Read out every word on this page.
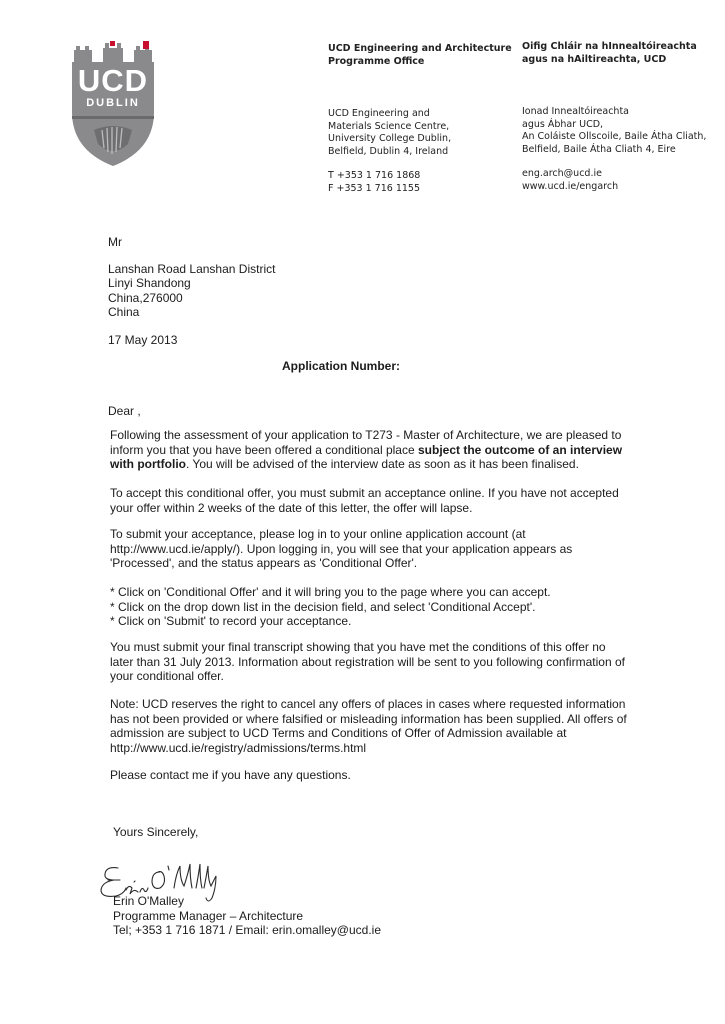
UCD
DUBLIN
UCD Engineering and Architecture
Programme Office
Oifig Chláir na hInnealtóireachta
agus na hAiltireachta, UCD
UCD Engineering and
Materials Science Centre,
University College Dublin,
Belfield, Dublin 4, Ireland
Ionad Innealtóireachta
agus Ábhar UCD,
An Coláiste Ollscoile, Baile Átha Cliath,
Belfield, Baile Átha Cliath 4, Eire
T +353 1 716 1868
F +353 1 716 1155
eng.arch@ucd.ie
www.ucd.ie/engarch
Mr
Lanshan Road Lanshan District
Linyi Shandong
China,276000
China
17 May 2013
Application Number:
Dear ,
Following the assessment of your application to T273 - Master of Architecture, we are pleased to
inform you that you have been offered a conditional place subject the outcome of an interview
with portfolio. You will be advised of the interview date as soon as it has been finalised.
To accept this conditional offer, you must submit an acceptance online. If you have not accepted
your offer within 2 weeks of the date of this letter, the offer will lapse.
To submit your acceptance, please log in to your online application account (at
http://www.ucd.ie/apply/). Upon logging in, you will see that your application appears as
'Processed', and the status appears as 'Conditional Offer'.
* Click on 'Conditional Offer' and it will bring you to the page where you can accept.
* Click on the drop down list in the decision field, and select 'Conditional Accept'.
* Click on 'Submit' to record your acceptance.
You must submit your final transcript showing that you have met the conditions of this offer no
later than 31 July 2013. Information about registration will be sent to you following confirmation of
your conditional offer.
Note: UCD reserves the right to cancel any offers of places in cases where requested information
has not been provided or where falsified or misleading information has been supplied. All offers of
admission are subject to UCD Terms and Conditions of Offer of Admission available at
http://www.ucd.ie/registry/admissions/terms.html
Please contact me if you have any questions.
Yours Sincerely,
Erin O'Malley
Programme Manager – Architecture
Tel; +353 1 716 1871 / Email: erin.omalley@ucd.ie
